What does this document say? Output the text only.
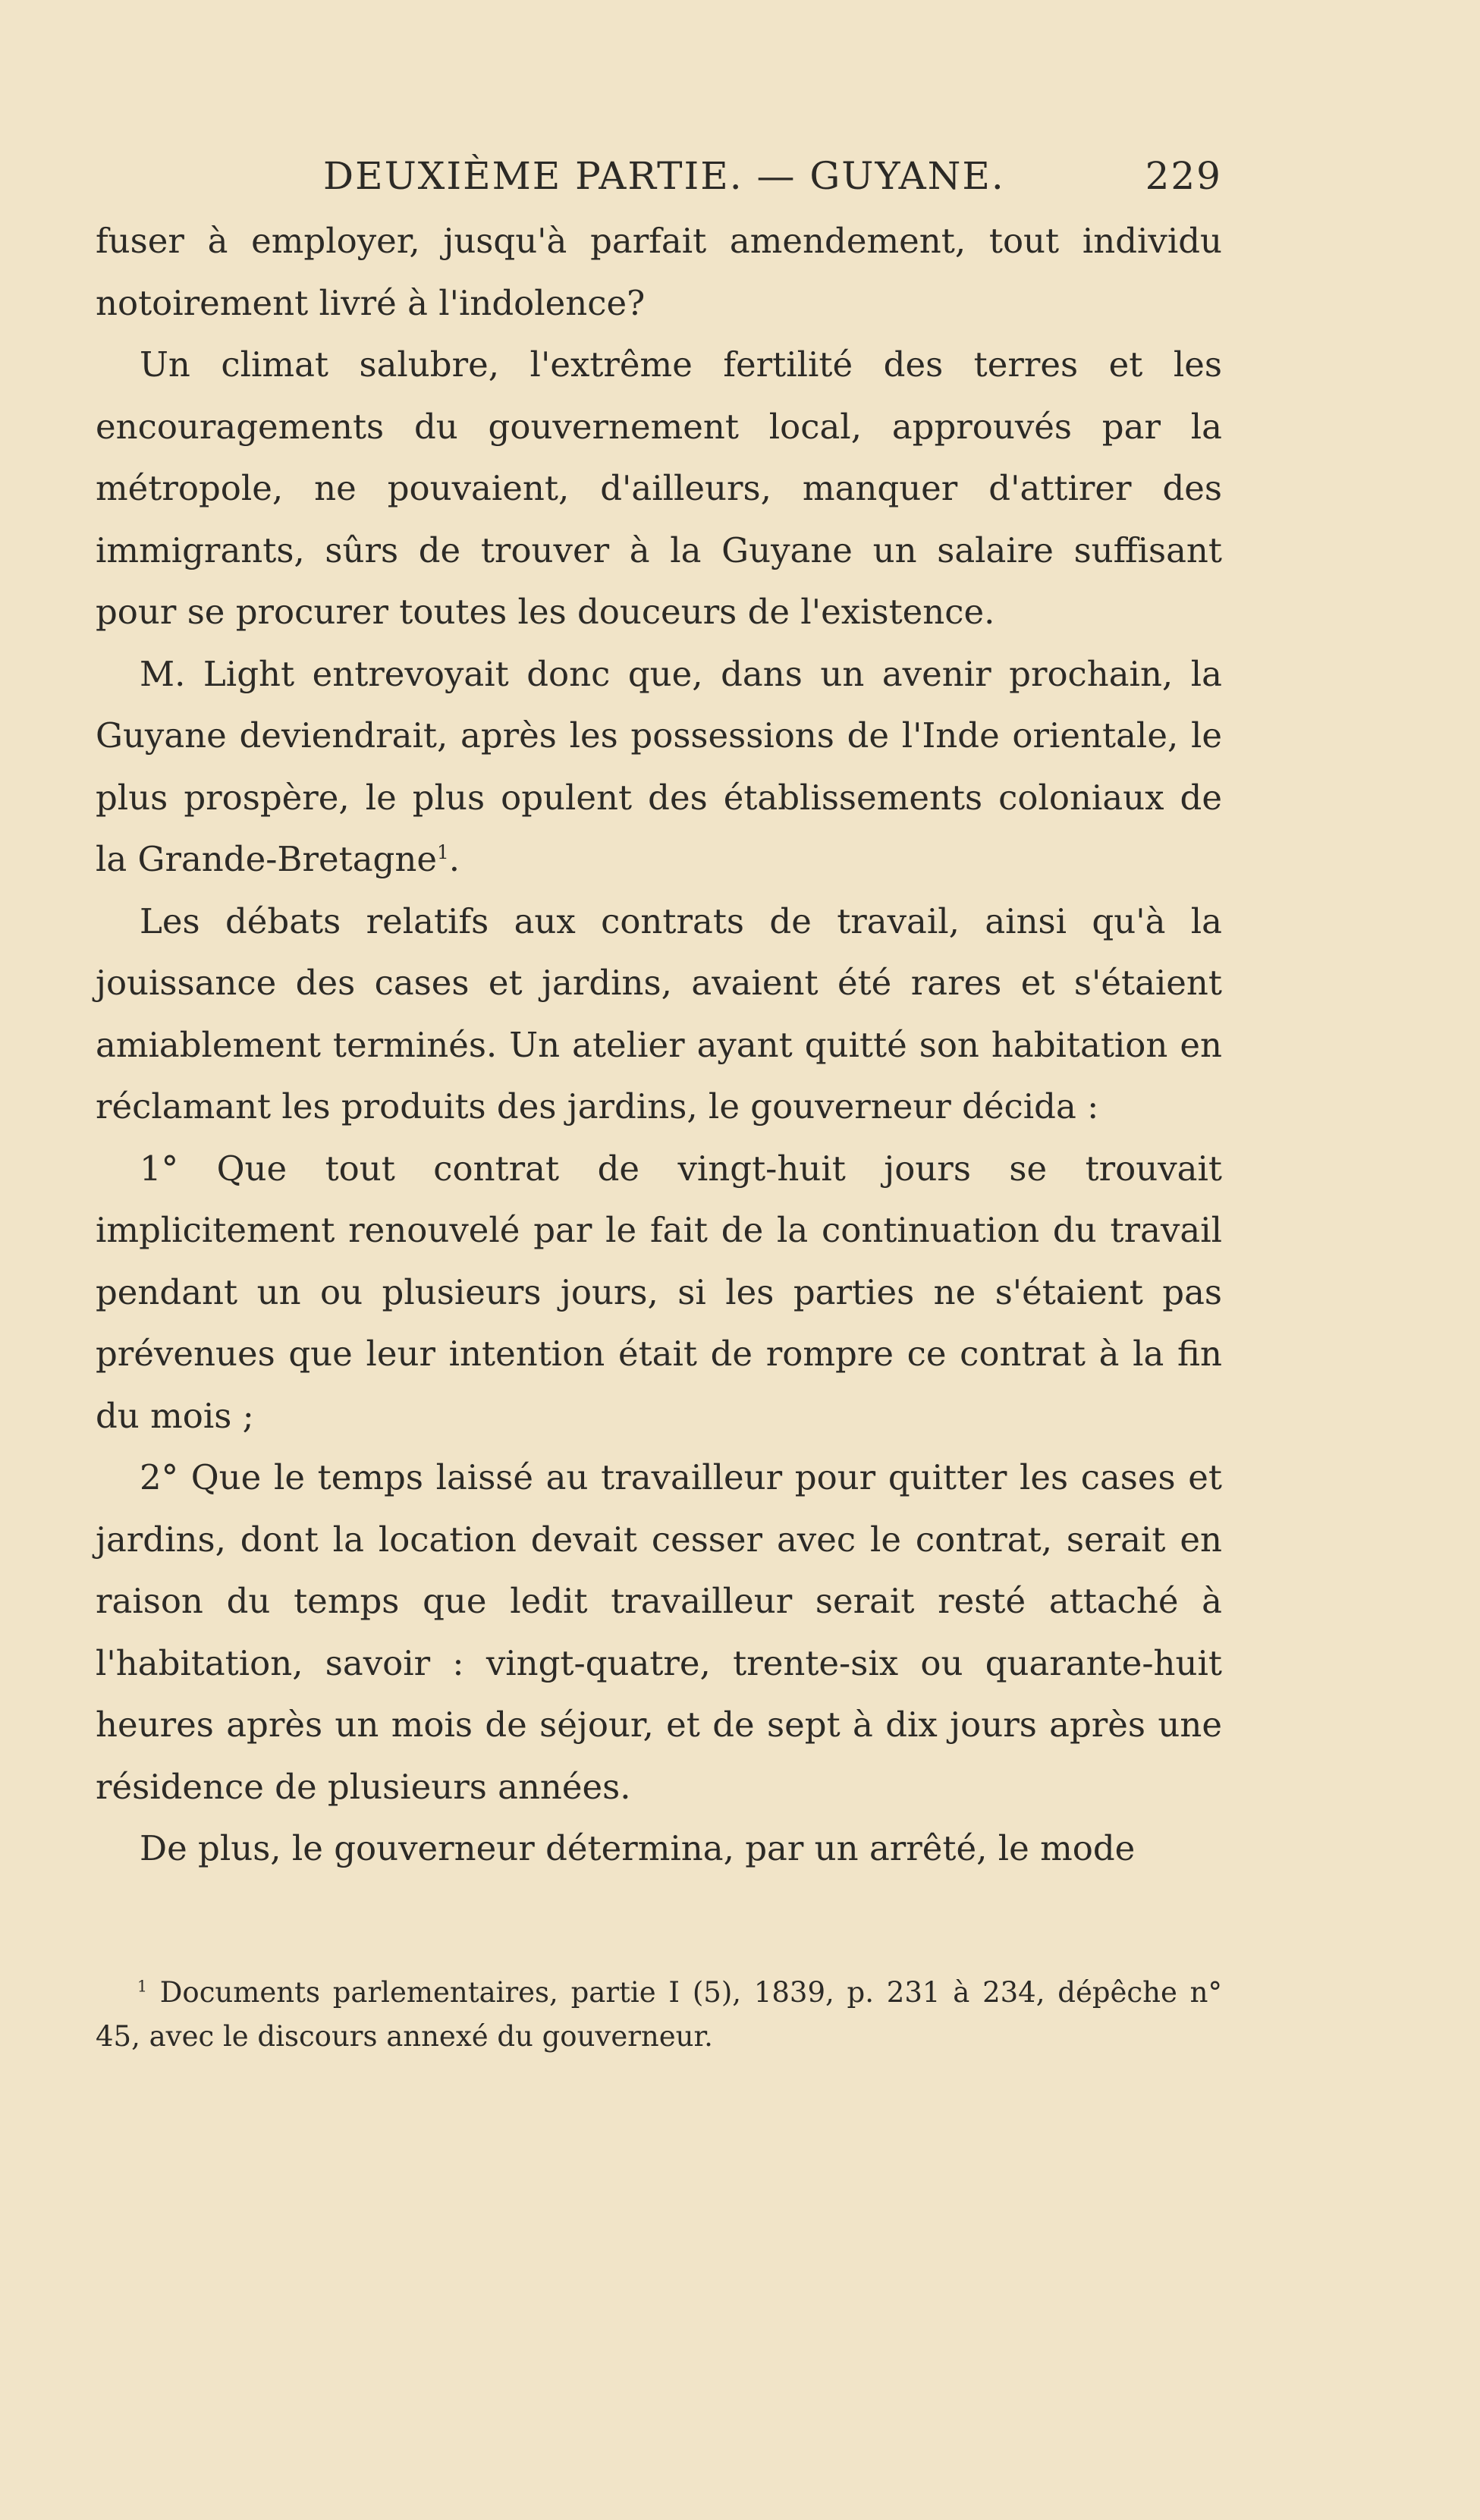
DEUXIÈME PARTIE. — GUYANE.	229

fuser à employer, jusqu'à parfait amendement, tout individu notoirement livré à l'indolence?

Un climat salubre, l'extrême fertilité des terres et les encouragements du gouvernement local, approuvés par la métropole, ne pouvaient, d'ailleurs, manquer d'attirer des immigrants, sûrs de trouver à la Guyane un salaire suffisant pour se procurer toutes les douceurs de l'existence.

M. Light entrevoyait donc que, dans un avenir prochain, la Guyane deviendrait, après les possessions de l'Inde orientale, le plus prospère, le plus opulent des établissements coloniaux de la Grande-Bretagne$^1$.

Les débats relatifs aux contrats de travail, ainsi qu'à la jouissance des cases et jardins, avaient été rares et s'étaient amiablement terminés. Un atelier ayant quitté son habitation en réclamant les produits des jardins, le gouverneur décida :

1° Que tout contrat de vingt-huit jours se trouvait implicitement renouvelé par le fait de la continuation du travail pendant un ou plusieurs jours, si les parties ne s'étaient pas prévenues que leur intention était de rompre ce contrat à la fin du mois ;

2° Que le temps laissé au travailleur pour quitter les cases et jardins, dont la location devait cesser avec le contrat, serait en raison du temps que ledit travailleur serait resté attaché à l'habitation, savoir : vingt-quatre, trente-six ou quarante-huit heures après un mois de séjour, et de sept à dix jours après une résidence de plusieurs années.

De plus, le gouverneur détermina, par un arrêté, le mode

$^1$ Documents parlementaires, partie I (5), 1839, p. 231 à 234, dépêche n° 45, avec le discours annexé du gouverneur.
